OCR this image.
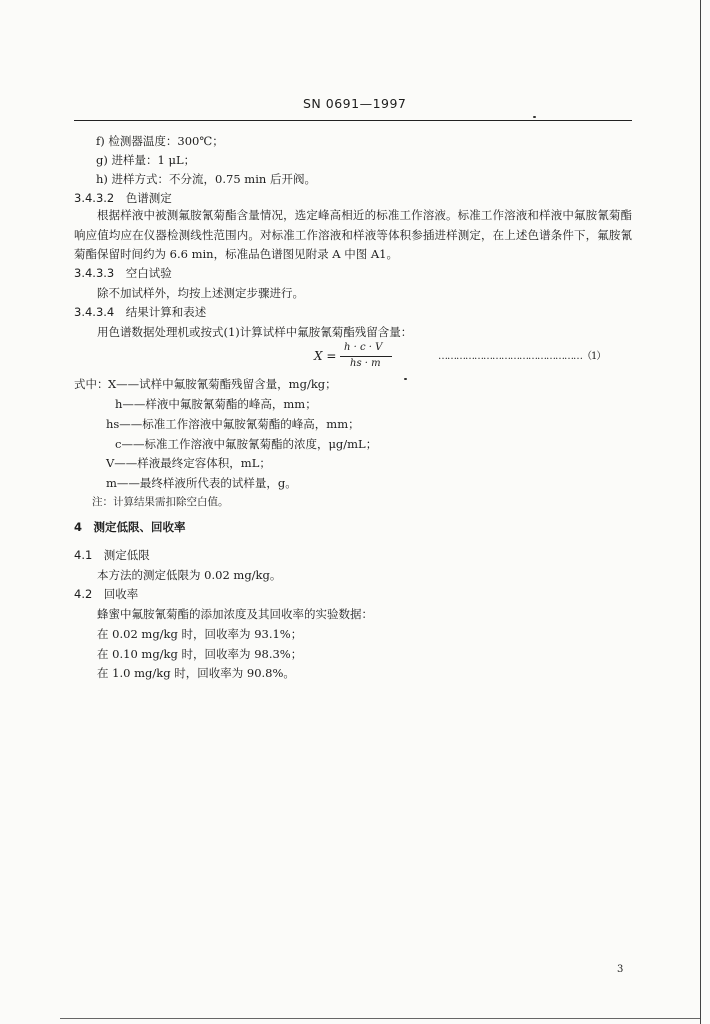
SN 0691—1997
f) 检测器温度：300℃；
g) 进样量：1 μL；
h) 进样方式：不分流，0.75 min 后开阀。
3.4.3.2　色谱测定
根据样液中被测氟胺氰菊酯含量情况，选定峰高相近的标准工作溶液。标准工作溶液和样液中氟胺氰菊酯响应值均应在仪器检测线性范围内。对标准工作溶液和样液等体积参插进样测定，在上述色谱条件下，氟胺氰菊酯保留时间约为 6.6 min，标准品色谱图见附录 A 中图 A1。
3.4.3.3　空白试验
除不加试样外，均按上述测定步骤进行。
3.4.3.4　结果计算和表述
用色谱数据处理机或按式(1)计算试样中氟胺氰菊酯残留含量：
X =
h · c · V
hs · m
…………………………………………（1）
式中： X——试样中氟胺氰菊酯残留含量，mg/kg；
h——样液中氟胺氰菊酯的峰高，mm；
hs——标准工作溶液中氟胺氰菊酯的峰高，mm；
c——标准工作溶液中氟胺氰菊酯的浓度，μg/mL；
V——样液最终定容体积，mL；
m——最终样液所代表的试样量，g。
注：计算结果需扣除空白值。
4　测定低限、回收率
4.1　测定低限
本方法的测定低限为 0.02 mg/kg。
4.2　回收率
蜂蜜中氟胺氰菊酯的添加浓度及其回收率的实验数据：
在 0.02 mg/kg 时，回收率为 93.1%；
在 0.10 mg/kg 时，回收率为 98.3%；
在 1.0 mg/kg 时，回收率为 90.8%。
3
